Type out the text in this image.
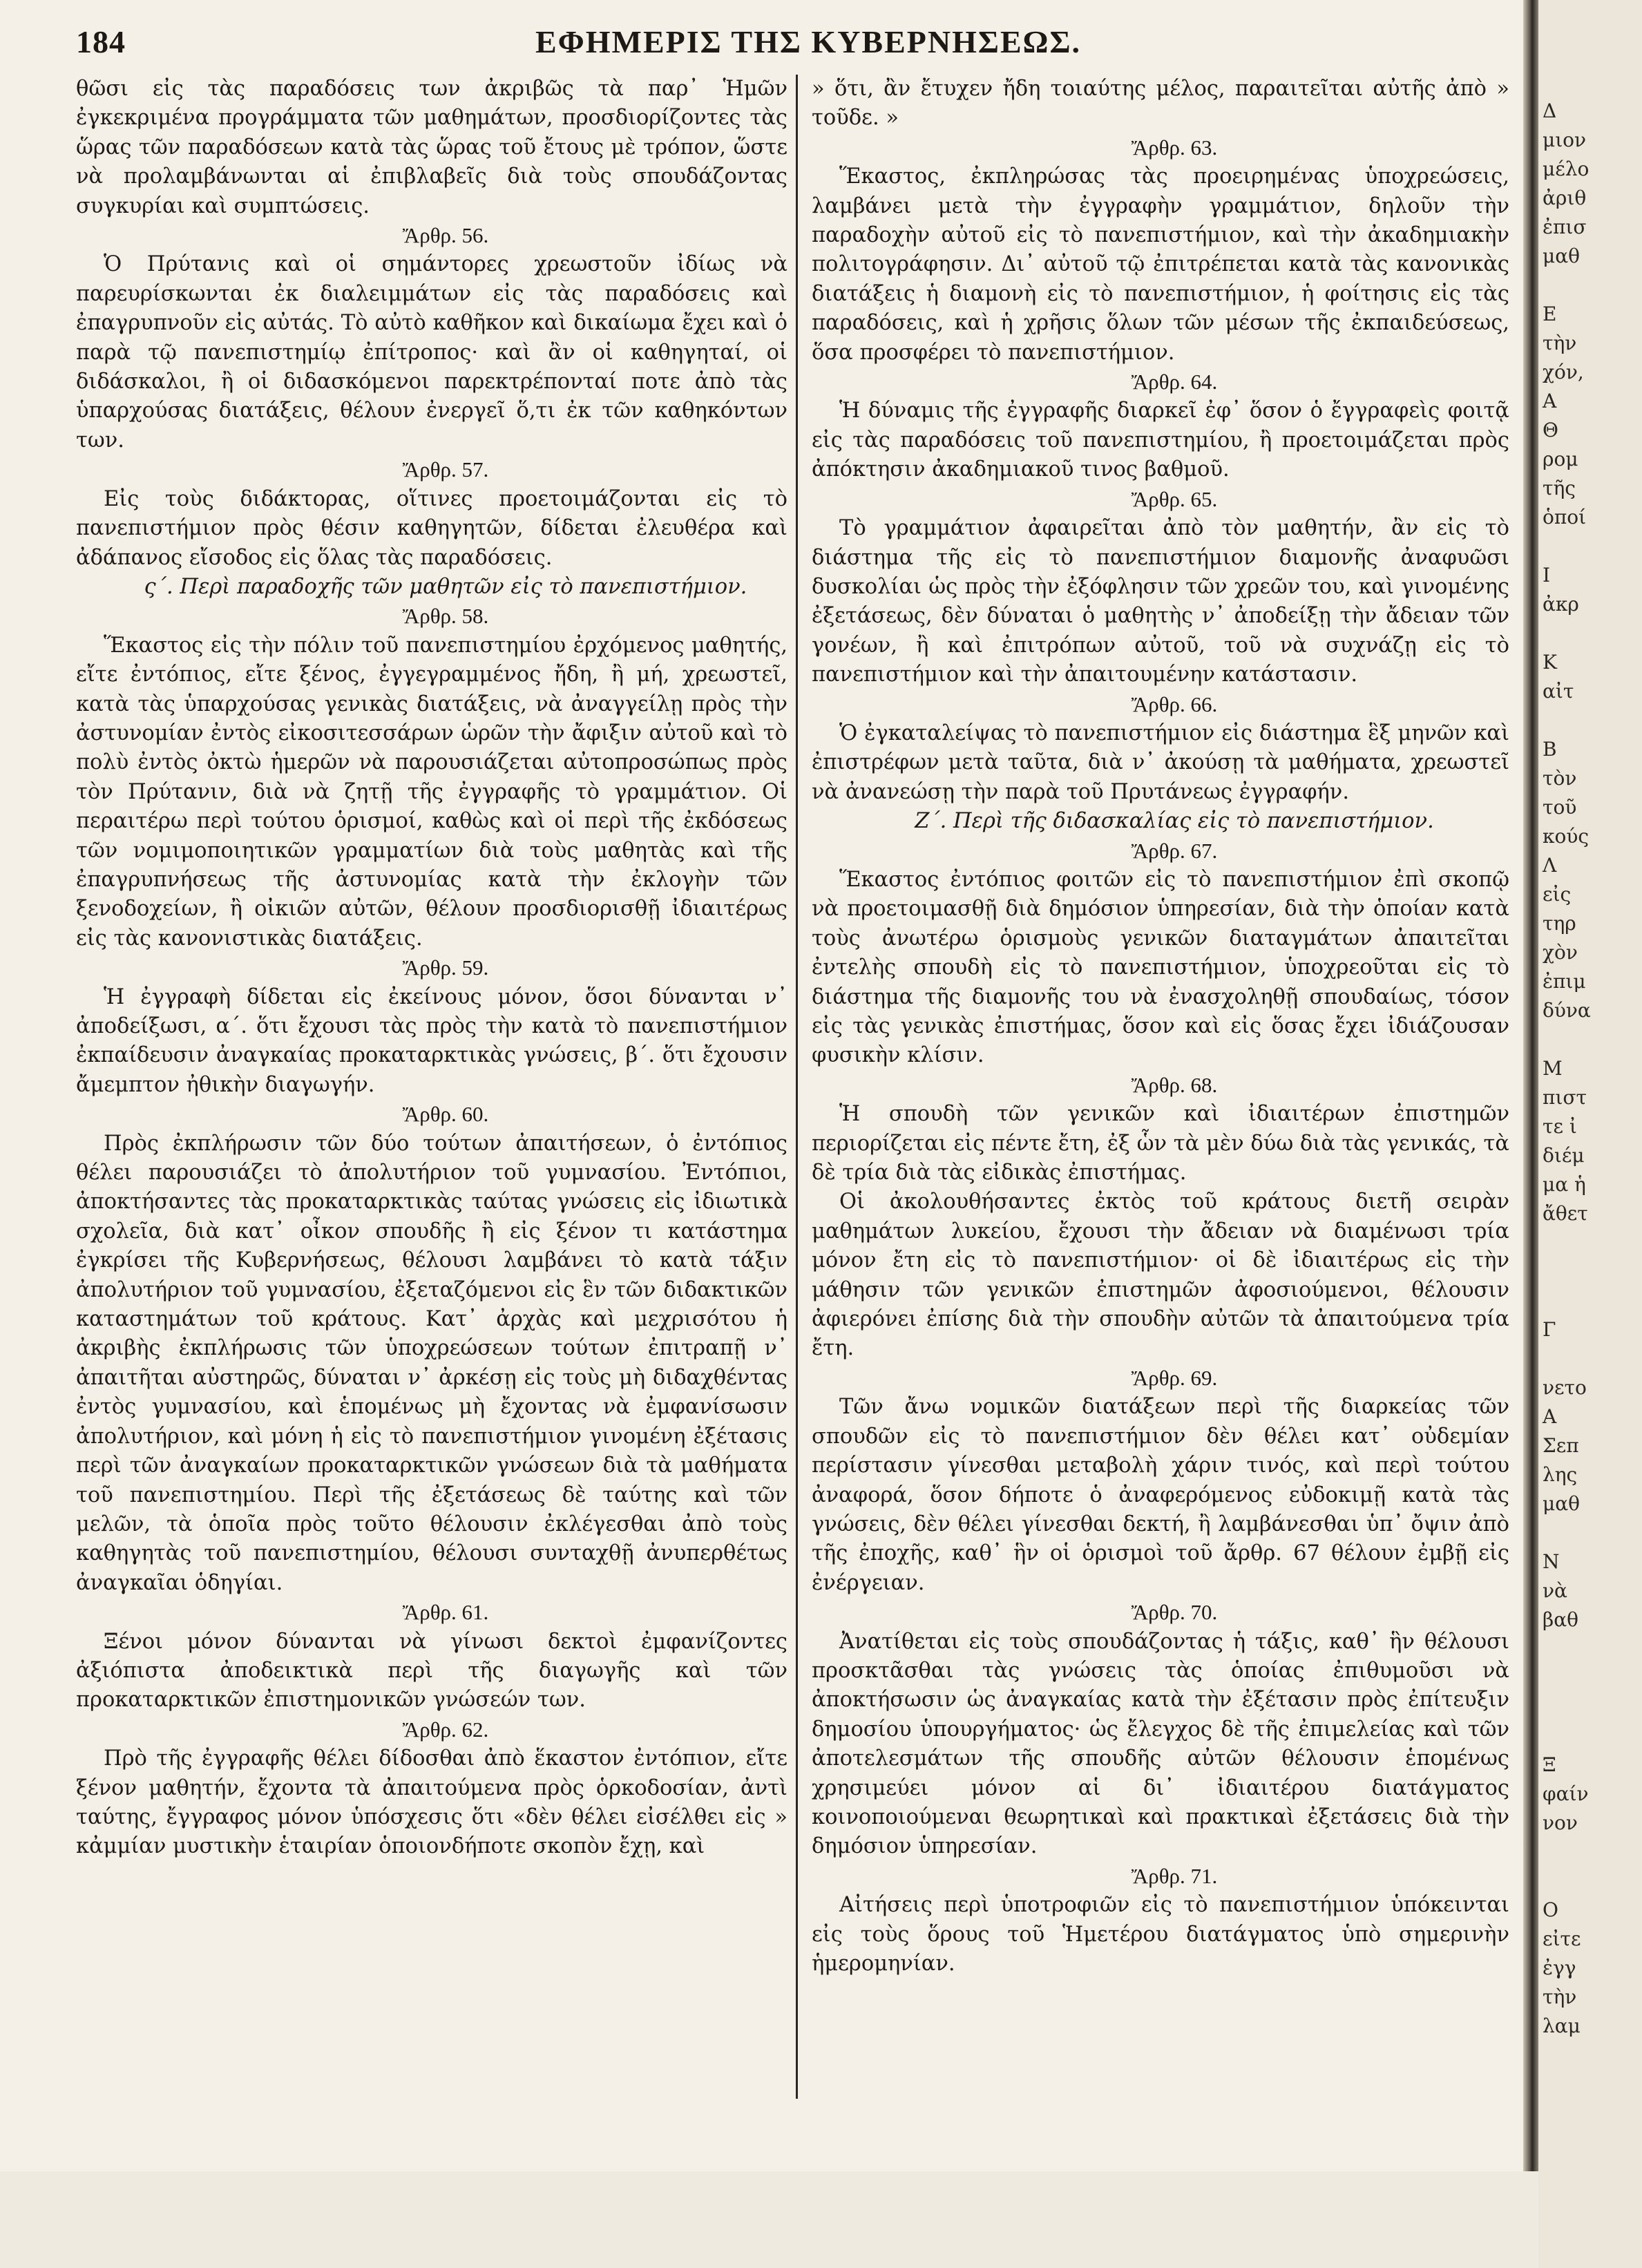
184	ΕΦΗΜΕΡΙΣ ΤΗΣ ΚΥΒΕΡΝΗΣΕΩΣ.

θῶσι εἰς τὰς παραδόσεις των ἀκριβῶς τὰ παρ᾽ Ἡμῶν ἐγκεκριμένα προγράμματα τῶν μαθημάτων, προσδιορίζοντες τὰς ὥρας τῶν παραδόσεων κατὰ τὰς ὥρας τοῦ ἔτους μὲ τρόπον, ὥστε νὰ προλαμβάνωνται αἱ ἐπιβλαβεῖς διὰ τοὺς σπουδάζοντας συγκυρίαι καὶ συμπτώσεις.

Ἄρθρ. 56.

Ὁ Πρύτανις καὶ οἱ σημάντορες χρεωστοῦν ἰδίως νὰ παρευρίσκωνται ἐκ διαλειμμάτων εἰς τὰς παραδόσεις καὶ ἐπαγρυπνοῦν εἰς αὐτάς. Τὸ αὐτὸ καθῆκον καὶ δικαίωμα ἔχει καὶ ὁ παρὰ τῷ πανεπιστημίῳ ἐπίτροπος· καὶ ἂν οἱ καθηγηταί, οἱ διδάσκαλοι, ἢ οἱ διδασκόμενοι παρεκτρέπονταί ποτε ἀπὸ τὰς ὑπαρχούσας διατάξεις, θέλουν ἐνεργεῖ ὅ,τι ἐκ τῶν καθηκόντων των.

Ἄρθρ. 57.

Εἰς τοὺς διδάκτορας, οἵτινες προετοιμάζονται εἰς τὸ πανεπιστήμιον πρὸς θέσιν καθηγητῶν, δίδεται ἐλευθέρα καὶ ἀδάπανος εἴσοδος εἰς ὅλας τὰς παραδόσεις.

ς΄. Περὶ παραδοχῆς τῶν μαθητῶν εἰς τὸ πανεπιστήμιον.

Ἄρθρ. 58.

Ἕκαστος εἰς τὴν πόλιν τοῦ πανεπιστημίου ἐρχόμενος μαθητής, εἴτε ἐντόπιος, εἴτε ξένος, ἐγγεγραμμένος ἤδη, ἢ μή, χρεωστεῖ, κατὰ τὰς ὑπαρχούσας γενικὰς διατάξεις, νὰ ἀναγγείλῃ πρὸς τὴν ἀστυνομίαν ἐντὸς εἰκοσιτεσσάρων ὡρῶν τὴν ἄφιξιν αὐτοῦ καὶ τὸ πολὺ ἐντὸς ὀκτὼ ἡμερῶν νὰ παρουσιάζεται αὐτοπροσώπως πρὸς τὸν Πρύτανιν, διὰ νὰ ζητῇ τῆς ἐγγραφῆς τὸ γραμμάτιον. Οἱ περαιτέρω περὶ τούτου ὁρισμοί, καθὼς καὶ οἱ περὶ τῆς ἐκδόσεως τῶν νομιμοποιητικῶν γραμματίων διὰ τοὺς μαθητὰς καὶ τῆς ἐπαγρυπνήσεως τῆς ἀστυνομίας κατὰ τὴν ἐκλογὴν τῶν ξενοδοχείων, ἢ οἰκιῶν αὐτῶν, θέλουν προσδιορισθῇ ἰδιαιτέρως εἰς τὰς κανονιστικὰς διατάξεις.

Ἄρθρ. 59.

Ἡ ἐγγραφὴ δίδεται εἰς ἐκείνους μόνον, ὅσοι δύνανται ν᾽ ἀποδείξωσι, α΄. ὅτι ἔχουσι τὰς πρὸς τὴν κατὰ τὸ πανεπιστήμιον ἐκπαίδευσιν ἀναγκαίας προκαταρκτικὰς γνώσεις, β΄. ὅτι ἔχουσιν ἄμεμπτον ἠθικὴν διαγωγήν.

Ἄρθρ. 60.

Πρὸς ἐκπλήρωσιν τῶν δύο τούτων ἀπαιτήσεων, ὁ ἐντόπιος θέλει παρουσιάζει τὸ ἀπολυτήριον τοῦ γυμνασίου. Ἐντόπιοι, ἀποκτήσαντες τὰς προκαταρκτικὰς ταύτας γνώσεις εἰς ἰδιωτικὰ σχολεῖα, διὰ κατ᾽ οἶκον σπουδῆς ἢ εἰς ξένον τι κατάστημα ἐγκρίσει τῆς Κυβερνήσεως, θέλουσι λαμβάνει τὸ κατὰ τάξιν ἀπολυτήριον τοῦ γυμνασίου, ἐξεταζόμενοι εἰς ἓν τῶν διδακτικῶν καταστημάτων τοῦ κράτους. Κατ᾽ ἀρχὰς καὶ μεχρισότου ἡ ἀκριβὴς ἐκπλήρωσις τῶν ὑποχρεώσεων τούτων ἐπιτραπῇ ν᾽ ἀπαιτῆται αὐστηρῶς, δύναται ν᾽ ἀρκέσῃ εἰς τοὺς μὴ διδαχθέντας ἐντὸς γυμνασίου, καὶ ἑπομένως μὴ ἔχοντας νὰ ἐμφανίσωσιν ἀπολυτήριον, καὶ μόνη ἡ εἰς τὸ πανεπιστήμιον γινομένη ἐξέτασις περὶ τῶν ἀναγκαίων προκαταρκτικῶν γνώσεων διὰ τὰ μαθήματα τοῦ πανεπιστημίου. Περὶ τῆς ἐξετάσεως δὲ ταύτης καὶ τῶν μελῶν, τὰ ὁποῖα πρὸς τοῦτο θέλουσιν ἐκλέγεσθαι ἀπὸ τοὺς καθηγητὰς τοῦ πανεπιστημίου, θέλουσι συνταχθῇ ἀνυπερθέτως ἀναγκαῖαι ὁδηγίαι.

Ἄρθρ. 61.

Ξένοι μόνον δύνανται νὰ γίνωσι δεκτοὶ ἐμφανίζοντες ἀξιόπιστα ἀποδεικτικὰ περὶ τῆς διαγωγῆς καὶ τῶν προκαταρκτικῶν ἐπιστημονικῶν γνώσεών των.

Ἄρθρ. 62.

Πρὸ τῆς ἐγγραφῆς θέλει δίδοσθαι ἀπὸ ἕκαστον ἐντόπιον, εἴτε ξένον μαθητήν, ἔχοντα τὰ ἀπαιτούμενα πρὸς ὁρκοδοσίαν, ἀντὶ ταύτης, ἔγγραφος μόνον ὑπόσχεσις ὅτι «δὲν θέλει εἰσέλθει εἰς » κἀμμίαν μυστικὴν ἑταιρίαν ὁποιονδήποτε σκοπὸν ἔχῃ, καὶ

» ὅτι, ἂν ἔτυχεν ἤδη τοιαύτης μέλος, παραιτεῖται αὐτῆς ἀπὸ » τοῦδε. »

Ἄρθρ. 63.

Ἕκαστος, ἐκπληρώσας τὰς προειρημένας ὑποχρεώσεις, λαμβάνει μετὰ τὴν ἐγγραφὴν γραμμάτιον, δηλοῦν τὴν παραδοχὴν αὐτοῦ εἰς τὸ πανεπιστήμιον, καὶ τὴν ἀκαδημιακὴν πολιτογράφησιν. Δι᾽ αὐτοῦ τῷ ἐπιτρέπεται κατὰ τὰς κανονικὰς διατάξεις ἡ διαμονὴ εἰς τὸ πανεπιστήμιον, ἡ φοίτησις εἰς τὰς παραδόσεις, καὶ ἡ χρῆσις ὅλων τῶν μέσων τῆς ἐκπαιδεύσεως, ὅσα προσφέρει τὸ πανεπιστήμιον.

Ἄρθρ. 64.

Ἡ δύναμις τῆς ἐγγραφῆς διαρκεῖ ἐφ᾽ ὅσον ὁ ἔγγραφεὶς φοιτᾷ εἰς τὰς παραδόσεις τοῦ πανεπιστημίου, ἢ προετοιμάζεται πρὸς ἀπόκτησιν ἀκαδημιακοῦ τινος βαθμοῦ.

Ἄρθρ. 65.

Τὸ γραμμάτιον ἀφαιρεῖται ἀπὸ τὸν μαθητήν, ἂν εἰς τὸ διάστημα τῆς εἰς τὸ πανεπιστήμιον διαμονῆς ἀναφυῶσι δυσκολίαι ὡς πρὸς τὴν ἐξόφλησιν τῶν χρεῶν του, καὶ γινομένης ἐξετάσεως, δὲν δύναται ὁ μαθητὴς ν᾽ ἀποδείξῃ τὴν ἄδειαν τῶν γονέων, ἢ καὶ ἐπιτρόπων αὐτοῦ, τοῦ νὰ συχνάζῃ εἰς τὸ πανεπιστήμιον καὶ τὴν ἀπαιτουμένην κατάστασιν.

Ἄρθρ. 66.

Ὁ ἐγκαταλείψας τὸ πανεπιστήμιον εἰς διάστημα ἓξ μηνῶν καὶ ἐπιστρέφων μετὰ ταῦτα, διὰ ν᾽ ἀκούσῃ τὰ μαθήματα, χρεωστεῖ νὰ ἀνανεώσῃ τὴν παρὰ τοῦ Πρυτάνεως ἐγγραφήν.

Ζ΄. Περὶ τῆς διδασκαλίας εἰς τὸ πανεπιστήμιον.

Ἄρθρ. 67.

Ἕκαστος ἐντόπιος φοιτῶν εἰς τὸ πανεπιστήμιον ἐπὶ σκοπῷ νὰ προετοιμασθῇ διὰ δημόσιον ὑπηρεσίαν, διὰ τὴν ὁποίαν κατὰ τοὺς ἀνωτέρω ὁρισμοὺς γενικῶν διαταγμάτων ἀπαιτεῖται ἐντελὴς σπουδὴ εἰς τὸ πανεπιστήμιον, ὑποχρεοῦται εἰς τὸ διάστημα τῆς διαμονῆς του νὰ ἐνασχοληθῇ σπουδαίως, τόσον εἰς τὰς γενικὰς ἐπιστήμας, ὅσον καὶ εἰς ὅσας ἔχει ἰδιάζουσαν φυσικὴν κλίσιν.

Ἄρθρ. 68.

Ἡ σπουδὴ τῶν γενικῶν καὶ ἰδιαιτέρων ἐπιστημῶν περιορίζεται εἰς πέντε ἔτη, ἐξ ὧν τὰ μὲν δύω διὰ τὰς γενικάς, τὰ δὲ τρία διὰ τὰς εἰδικὰς ἐπιστήμας.

Οἱ ἀκολουθήσαντες ἐκτὸς τοῦ κράτους διετῆ σειρὰν μαθημάτων λυκείου, ἔχουσι τὴν ἄδειαν νὰ διαμένωσι τρία μόνον ἔτη εἰς τὸ πανεπιστήμιον· οἱ δὲ ἰδιαιτέρως εἰς τὴν μάθησιν τῶν γενικῶν ἐπιστημῶν ἀφοσιούμενοι, θέλουσιν ἀφιερόνει ἐπίσης διὰ τὴν σπουδὴν αὐτῶν τὰ ἀπαιτούμενα τρία ἔτη.

Ἄρθρ. 69.

Τῶν ἄνω νομικῶν διατάξεων περὶ τῆς διαρκείας τῶν σπουδῶν εἰς τὸ πανεπιστήμιον δὲν θέλει κατ᾽ οὐδεμίαν περίστασιν γίνεσθαι μεταβολὴ χάριν τινός, καὶ περὶ τούτου ἀναφορά, ὅσον δήποτε ὁ ἀναφερόμενος εὐδοκιμῇ κατὰ τὰς γνώσεις, δὲν θέλει γίνεσθαι δεκτή, ἢ λαμβάνεσθαι ὑπ᾽ ὄψιν ἀπὸ τῆς ἐποχῆς, καθ᾽ ἣν οἱ ὁρισμοὶ τοῦ ἄρθρ. 67 θέλουν ἐμβῇ εἰς ἐνέργειαν.

Ἄρθρ. 70.

Ἀνατίθεται εἰς τοὺς σπουδάζοντας ἡ τάξις, καθ᾽ ἣν θέλουσι προσκτᾶσθαι τὰς γνώσεις τὰς ὁποίας ἐπιθυμοῦσι νὰ ἀποκτήσωσιν ὡς ἀναγκαίας κατὰ τὴν ἐξέτασιν πρὸς ἐπίτευξιν δημοσίου ὑπουργήματος· ὡς ἔλεγχος δὲ τῆς ἐπιμελείας καὶ τῶν ἀποτελεσμάτων τῆς σπουδῆς αὐτῶν θέλουσιν ἑπομένως χρησιμεύει μόνον αἱ δι᾽ ἰδιαιτέρου διατάγματος κοινοποιούμεναι θεωρητικαὶ καὶ πρακτικαὶ ἐξετάσεις διὰ τὴν δημόσιον ὑπηρεσίαν.

Ἄρθρ. 71.

Αἰτήσεις περὶ ὑποτροφιῶν εἰς τὸ πανεπιστήμιον ὑπόκεινται εἰς τοὺς ὅρους τοῦ Ἡμετέρου διατάγματος ὑπὸ σημερινὴν ἡμερομηνίαν.

Δ

μιον

μέλο

ἀριθ

ἐπισ

μαθ

Ε

τὴν

χόν,

Α

Θ

ρομ

τῆς

ὁποί

Ι

ἀκρ

Κ

αἰτ

Β

τὸν

τοῦ

κούς

Λ

εἰς

τηρ

χὸν

ἐπιμ

δύνα

Μ

πιστ

τε ἰ

διέμ

μα ἡ

ἄθετ

Γ

νετο

Α

Σεπ

λης

μαθ

Ν

νὰ

βαθ

Ξ

φαίν

νον

Ο

εἰτε

ἐγγ

τὴν

λαμ
